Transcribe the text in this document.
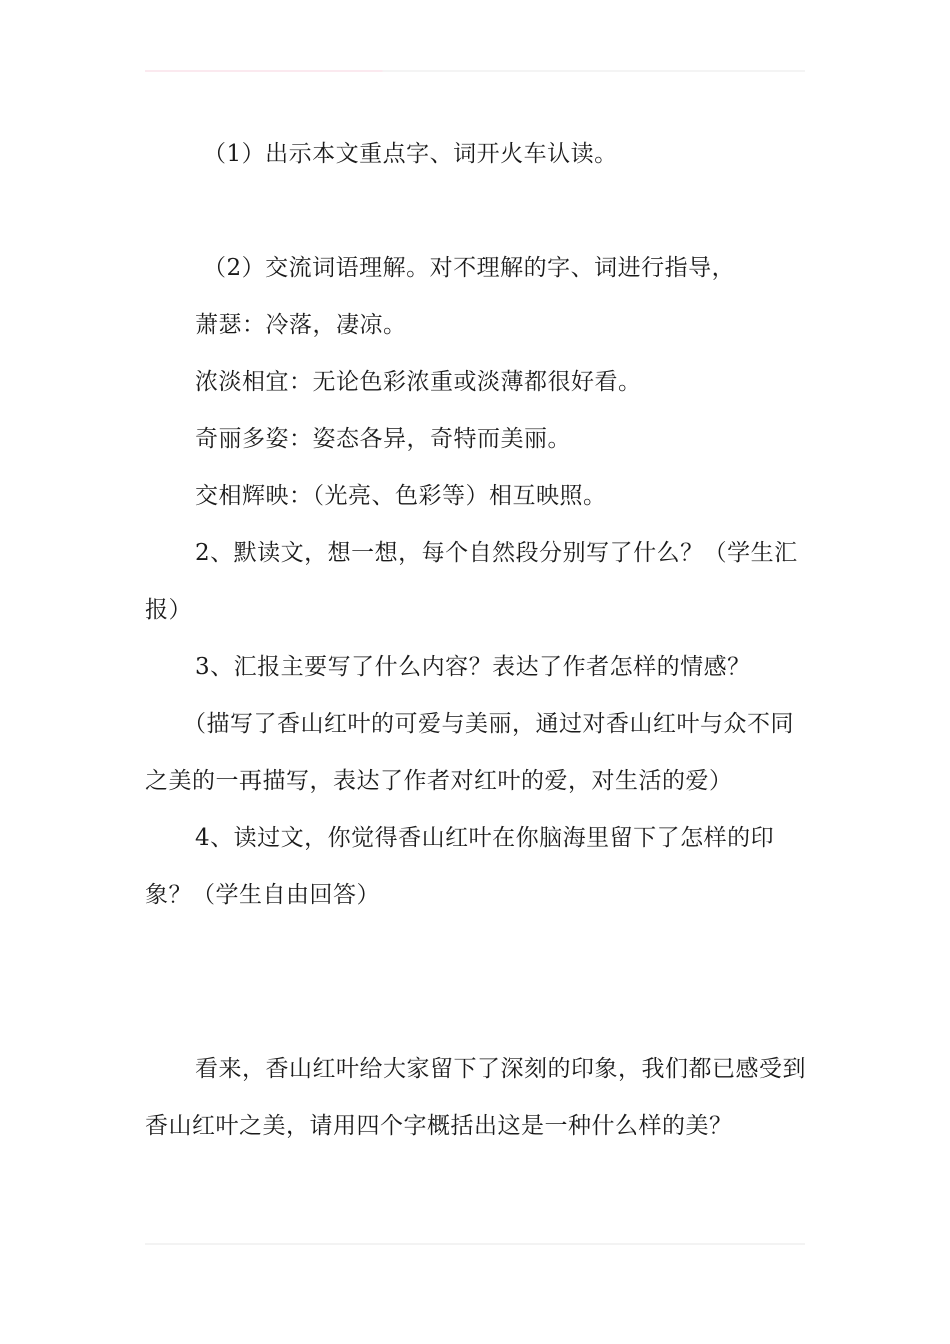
（1）出示本文重点字、词开火车认读。

（2）交流词语理解。对不理解的字、词进行指导，

萧瑟：冷落，凄凉。

浓淡相宜：无论色彩浓重或淡薄都很好看。

奇丽多姿：姿态各异，奇特而美丽。

交相辉映：（光亮、色彩等）相互映照。

2、默读文，想一想，每个自然段分别写了什么？（学生汇报）

3、汇报主要写了什么内容？表达了作者怎样的情感？

（描写了香山红叶的可爱与美丽，通过对香山红叶与众不同之美的一再描写，表达了作者对红叶的爱，对生活的爱）

4、读过文，你觉得香山红叶在你脑海里留下了怎样的印象？（学生自由回答）

看来，香山红叶给大家留下了深刻的印象，我们都已感受到香山红叶之美，请用四个字概括出这是一种什么样的美？
